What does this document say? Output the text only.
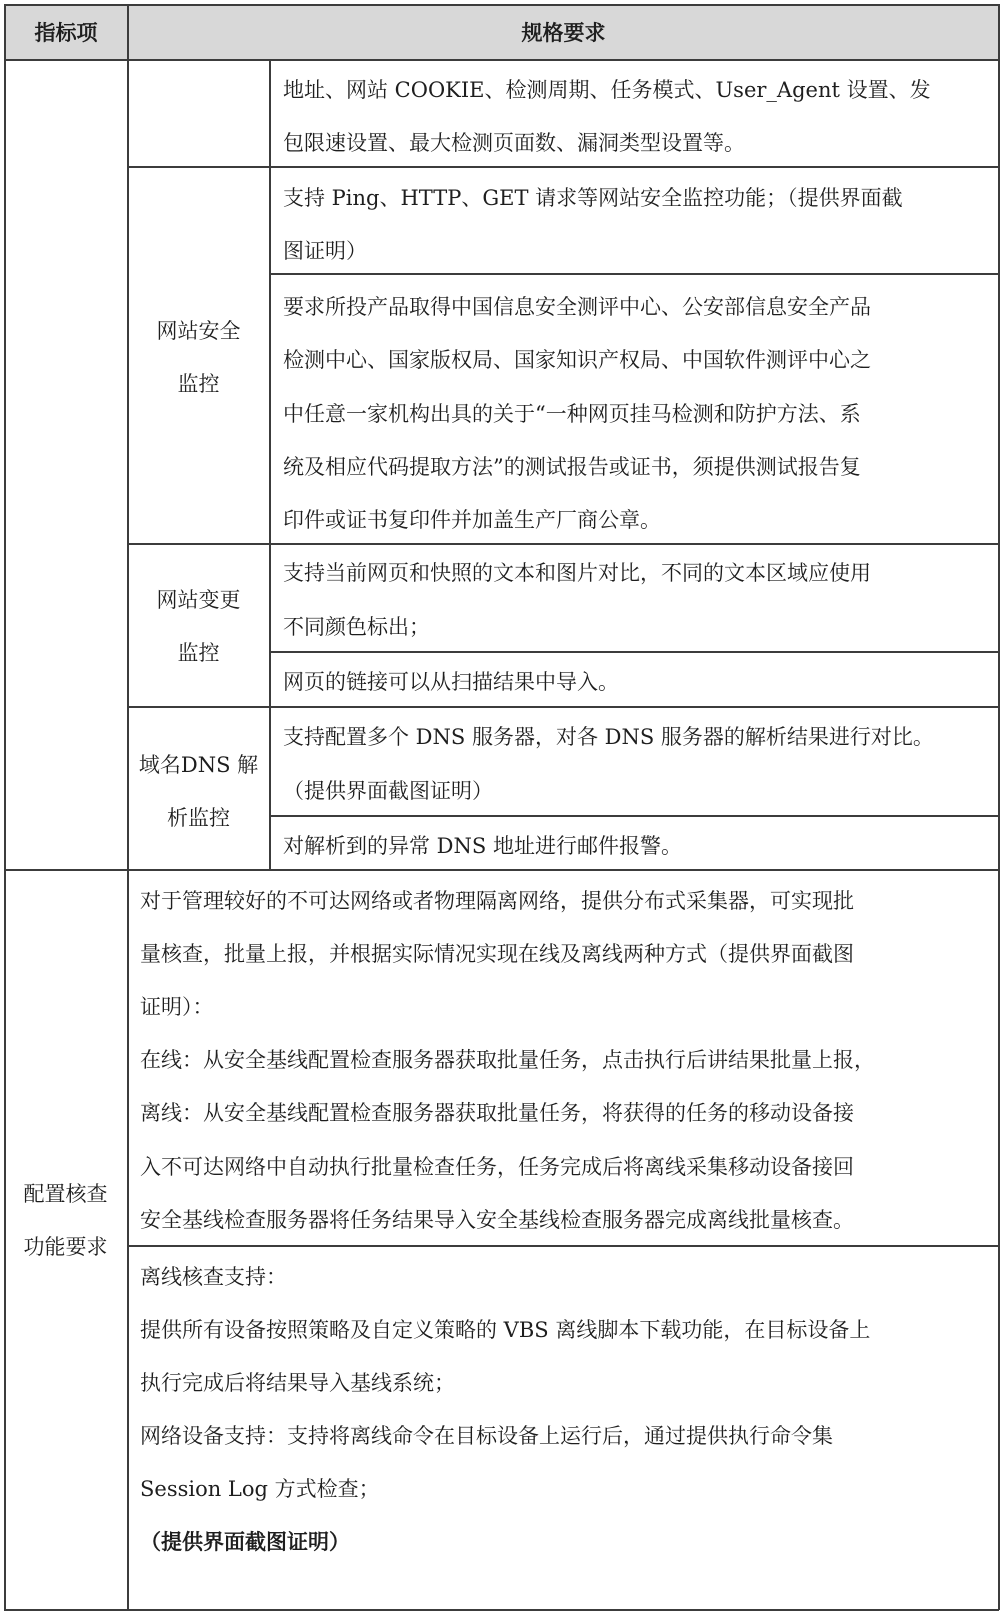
指标项	规格要求
地址、网站 COOKIE、检测周期、任务模式、User_Agent 设置、发
包限速设置、最大检测页面数、漏洞类型设置等。
网站安全
监控
支持 Ping、HTTP、GET 请求等网站安全监控功能；（提供界面截
图证明）
要求所投产品取得中国信息安全测评中心、公安部信息安全产品
检测中心、国家版权局、国家知识产权局、中国软件测评中心之
中任意一家机构出具的关于“一种网页挂马检测和防护方法、系
统及相应代码提取方法”的测试报告或证书，须提供测试报告复
印件或证书复印件并加盖生产厂商公章。
网站变更
监控
支持当前网页和快照的文本和图片对比，不同的文本区域应使用
不同颜色标出；
网页的链接可以从扫描结果中导入。
域名DNS 解
析监控
支持配置多个 DNS 服务器，对各 DNS 服务器的解析结果进行对比。
（提供界面截图证明）
对解析到的异常 DNS 地址进行邮件报警。
配置核查
功能要求
对于管理较好的不可达网络或者物理隔离网络，提供分布式采集器，可实现批
量核查，批量上报，并根据实际情况实现在线及离线两种方式（提供界面截图
证明）：
在线：从安全基线配置检查服务器获取批量任务，点击执行后讲结果批量上报，
离线：从安全基线配置检查服务器获取批量任务，将获得的任务的移动设备接
入不可达网络中自动执行批量检查任务，任务完成后将离线采集移动设备接回
安全基线检查服务器将任务结果导入安全基线检查服务器完成离线批量核查。
离线核查支持：
提供所有设备按照策略及自定义策略的 VBS 离线脚本下载功能，在目标设备上
执行完成后将结果导入基线系统；
网络设备支持：支持将离线命令在目标设备上运行后，通过提供执行命令集
Session Log 方式检查；
（提供界面截图证明）
